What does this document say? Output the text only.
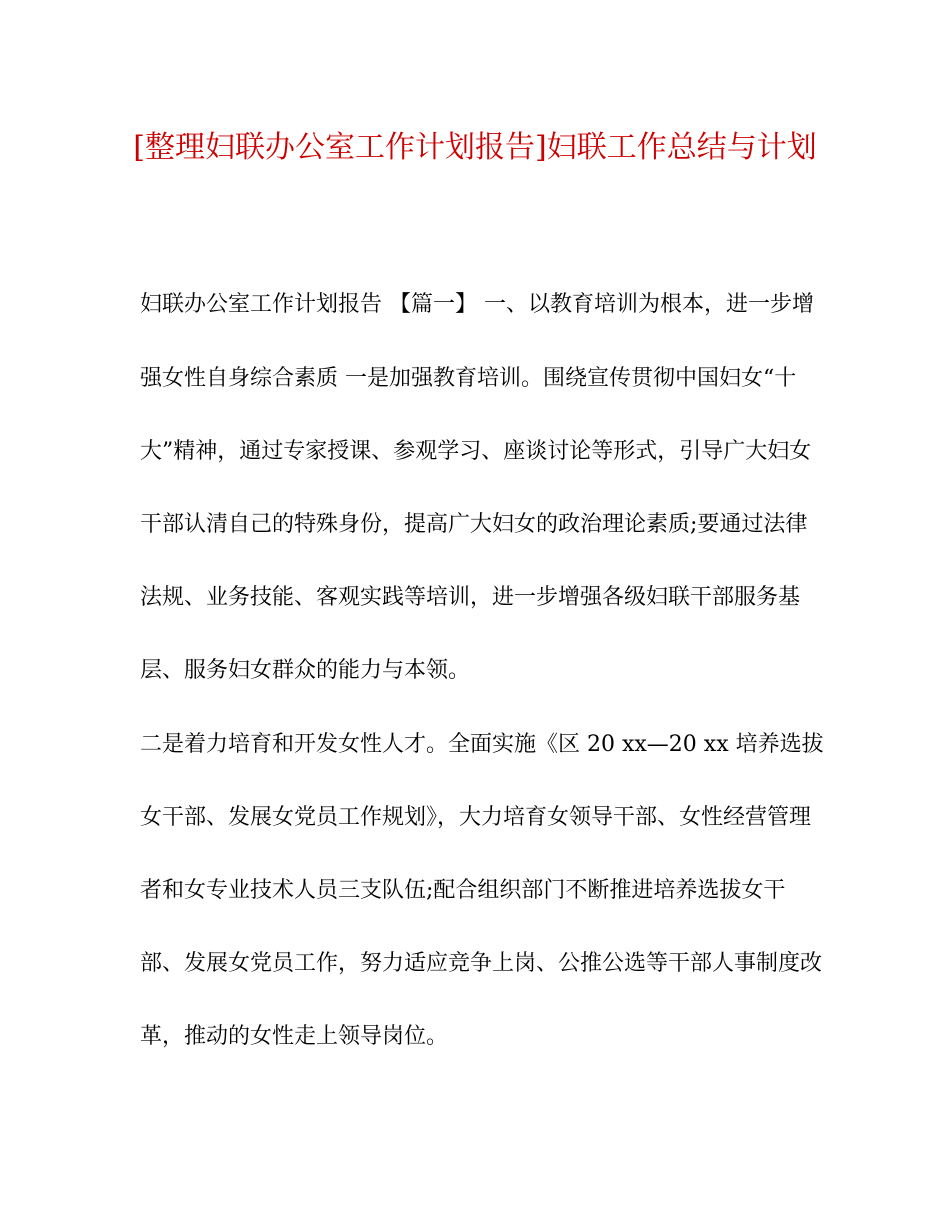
[整理妇联办公室工作计划报告]妇联工作总结与计划
妇联办公室工作计划报告 【篇一】 一、以教育培训为根本，进一步增
强女性自身综合素质 一是加强教育培训。围绕宣传贯彻中国妇女“十
大”精神，通过专家授课、参观学习、座谈讨论等形式，引导广大妇女
干部认清自己的特殊身份，提高广大妇女的政治理论素质;要通过法律
法规、业务技能、客观实践等培训，进一步增强各级妇联干部服务基
层、服务妇女群众的能力与本领。
二是着力培育和开发女性人才。全面实施《区 20 xx—20 xx 培养选拔
女干部、发展女党员工作规划》，大力培育女领导干部、女性经营管理
者和女专业技术人员三支队伍;配合组织部门不断推进培养选拔女干
部、发展女党员工作，努力适应竞争上岗、公推公选等干部人事制度改
革，推动的女性走上领导岗位。
